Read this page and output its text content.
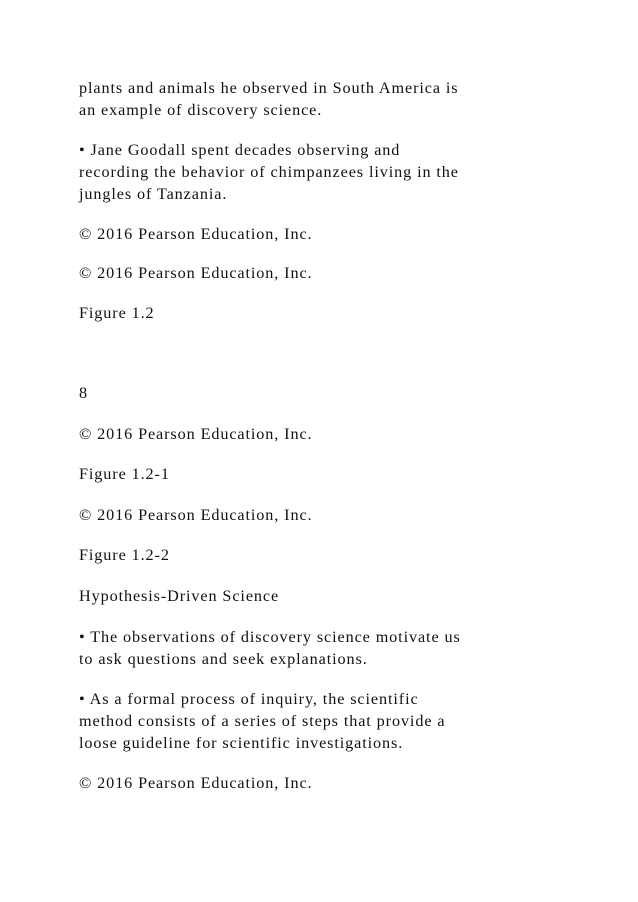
plants and animals he observed in South America is
an example of discovery science.
• Jane Goodall spent decades observing and
recording the behavior of chimpanzees living in the
jungles of Tanzania.
© 2016 Pearson Education, Inc.
© 2016 Pearson Education, Inc.
Figure 1.2
8
© 2016 Pearson Education, Inc.
Figure 1.2-1
© 2016 Pearson Education, Inc.
Figure 1.2-2
Hypothesis-Driven Science
• The observations of discovery science motivate us
to ask questions and seek explanations.
• As a formal process of inquiry, the scientific
method consists of a series of steps that provide a
loose guideline for scientific investigations.
© 2016 Pearson Education, Inc.
